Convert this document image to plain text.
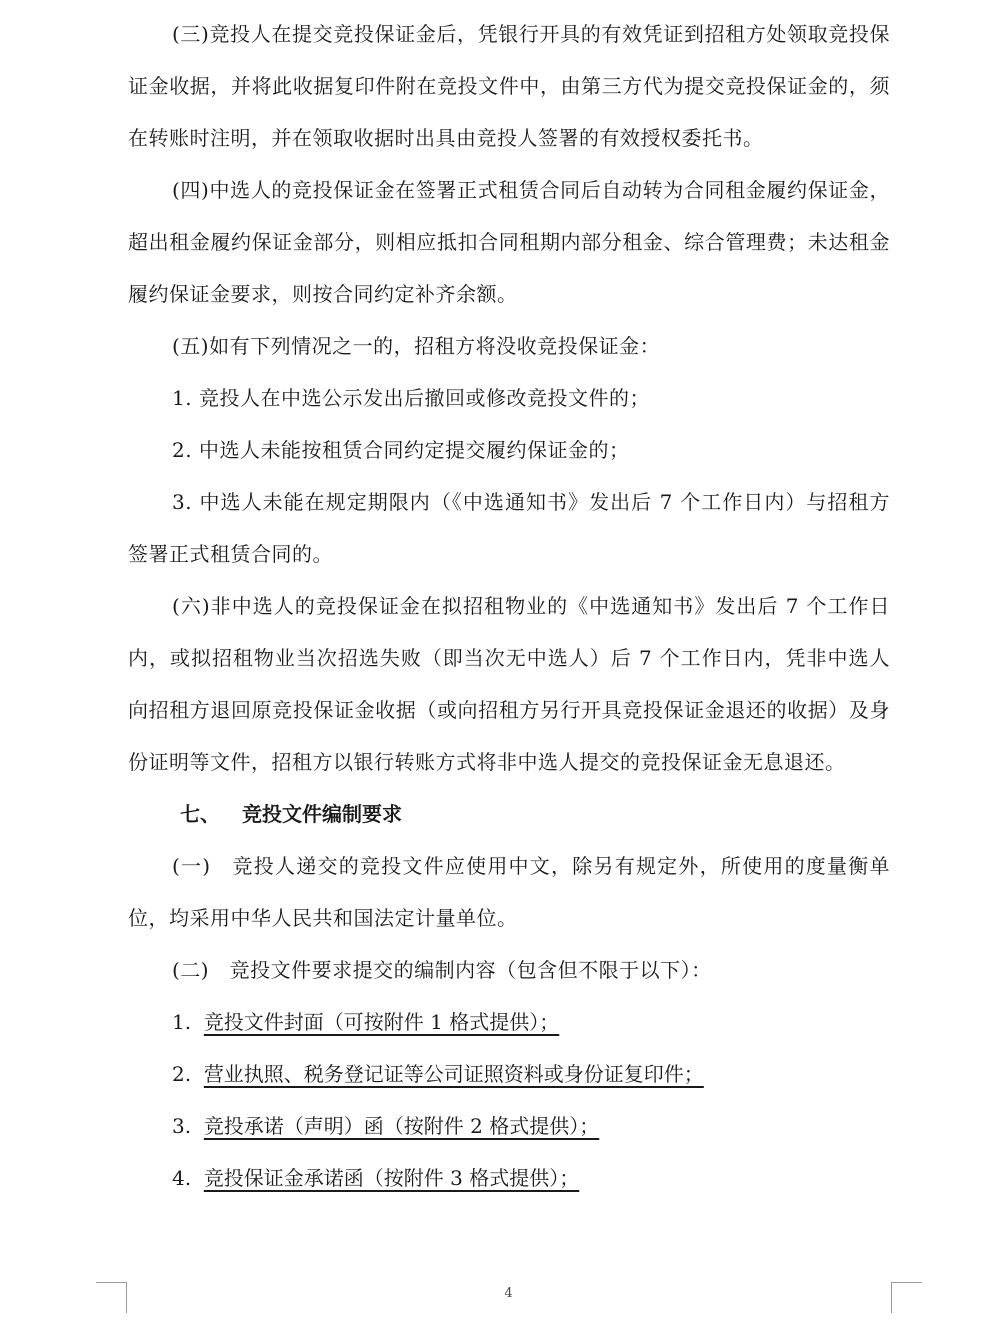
(三)竞投人在提交竞投保证金后，凭银行开具的有效凭证到招租方处领取竞投保证金收据，并将此收据复印件附在竞投文件中，由第三方代为提交竞投保证金的，须在转账时注明，并在领取收据时出具由竞投人签署的有效授权委托书。

(四)中选人的竞投保证金在签署正式租赁合同后自动转为合同租金履约保证金，超出租金履约保证金部分，则相应抵扣合同租期内部分租金、综合管理费；未达租金履约保证金要求，则按合同约定补齐余额。

(五)如有下列情况之一的，招租方将没收竞投保证金：

1. 竞投人在中选公示发出后撤回或修改竞投文件的；

2. 中选人未能按租赁合同约定提交履约保证金的；

3. 中选人未能在规定期限内（《中选通知书》发出后 7 个工作日内）与招租方签署正式租赁合同的。

(六)非中选人的竞投保证金在拟招租物业的《中选通知书》发出后 7 个工作日内，或拟招租物业当次招选失败（即当次无中选人）后 7 个工作日内，凭非中选人向招租方退回原竞投保证金收据（或向招租方另行开具竞投保证金退还的收据）及身份证明等文件，招租方以银行转账方式将非中选人提交的竞投保证金无息退还。

七、 竞投文件编制要求

(一)　竞投人递交的竞投文件应使用中文，除另有规定外，所使用的度量衡单位，均采用中华人民共和国法定计量单位。

(二)　竞投文件要求提交的编制内容（包含但不限于以下）：

1. 竞投文件封面（可按附件 1 格式提供）；

2. 营业执照、税务登记证等公司证照资料或身份证复印件；

3. 竞投承诺（声明）函（按附件 2 格式提供）；

4. 竞投保证金承诺函（按附件 3 格式提供）；

4
